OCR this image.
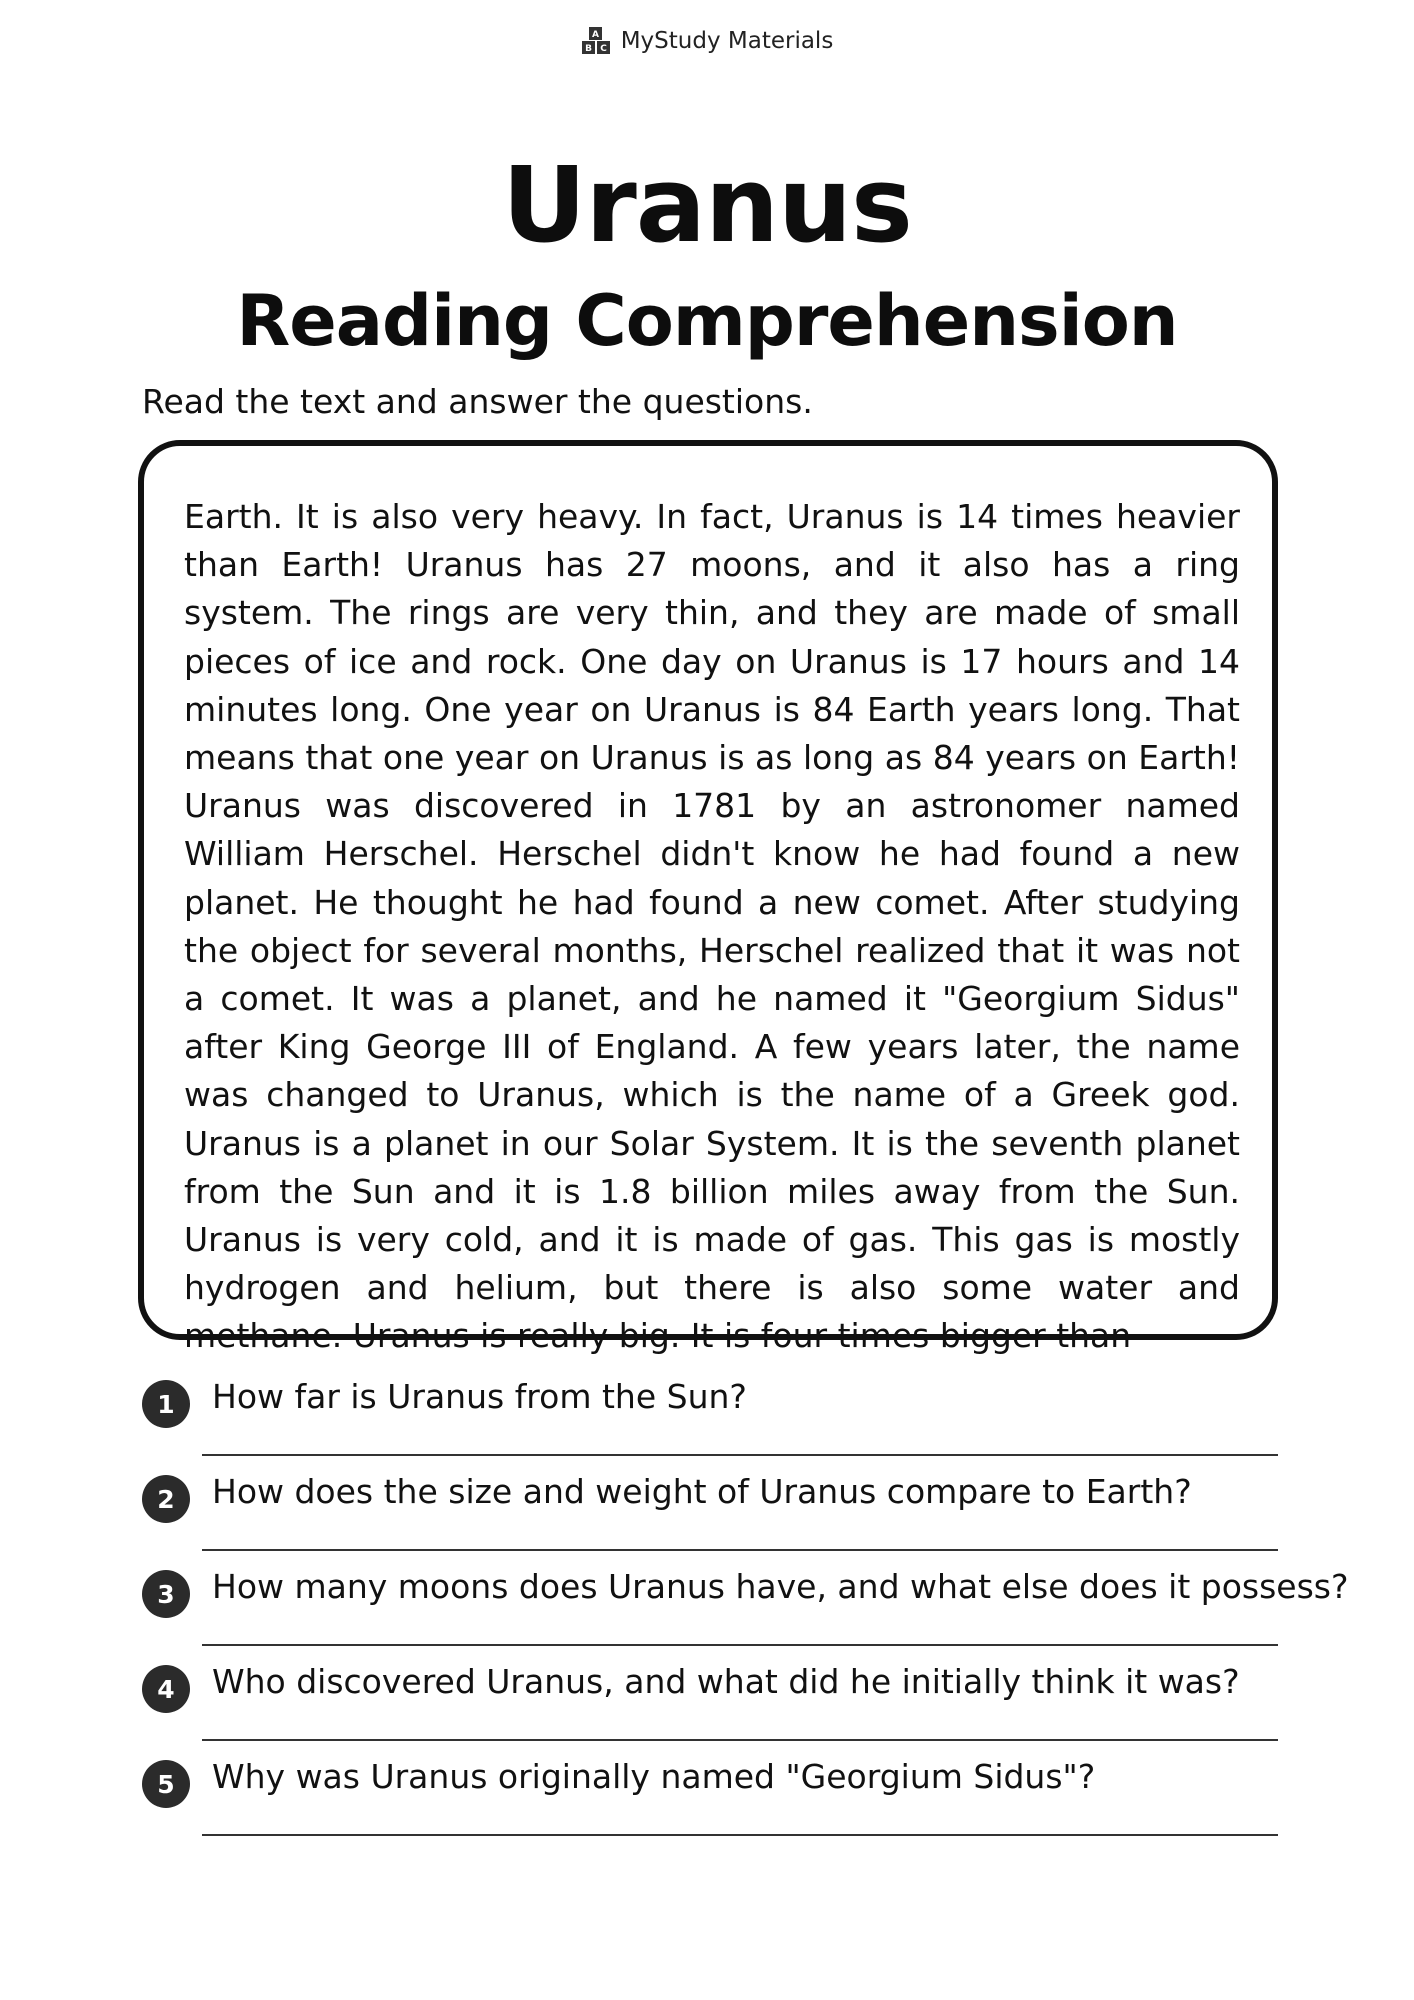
A
B C MyStudy Materials
Uranus
Reading Comprehension
Read the text and answer the questions.

Earth. It is also very heavy. In fact, Uranus is 14 times heavier than Earth! Uranus has 27 moons, and it also has a ring system. The rings are very thin, and they are made of small pieces of ice and rock. One day on Uranus is 17 hours and 14 minutes long. One year on Uranus is 84 Earth years long. That means that one year on Uranus is as long as 84 years on Earth! Uranus was discovered in 1781 by an astronomer named William Herschel. Herschel didn't know he had found a new planet. He thought he had found a new comet. After studying the object for several months, Herschel realized that it was not a comet. It was a planet, and he named it "Georgium Sidus" after King George III of England. A few years later, the name was changed to Uranus, which is the name of a Greek god. Uranus is a planet in our Solar System. It is the seventh planet from the Sun and it is 1.8 billion miles away from the Sun. Uranus is very cold, and it is made of gas. This gas is mostly hydrogen and helium, but there is also some water and methane. Uranus is really big. It is four times bigger than

1	How far is Uranus from the Sun?
2	How does the size and weight of Uranus compare to Earth?
3	How many moons does Uranus have, and what else does it possess?
4	Who discovered Uranus, and what did he initially think it was?
5	Why was Uranus originally named "Georgium Sidus"?
